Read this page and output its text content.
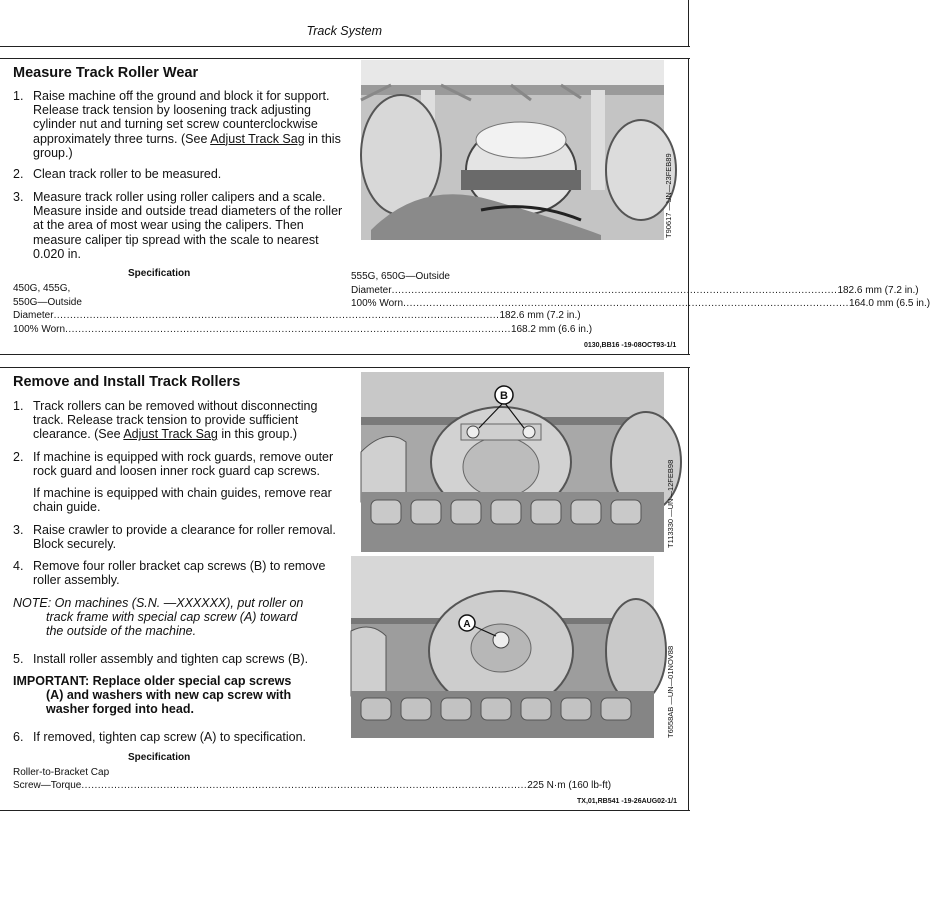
Track System
Measure Track Roller Wear
1. Raise machine off the ground and block it for support. Release track tension by loosening track adjusting cylinder nut and turning set screw counterclockwise approximately three turns. (See Adjust Track Sag in this group.)
2. Clean track roller to be measured.
3. Measure track roller using roller calipers and a scale. Measure inside and outside tread diameters of the roller at the area of most wear using the calipers. Then measure caliper tip spread with the scale to nearest 0.020 in.
Specification
450G, 455G,
550G—Outside
Diameter ........................................................................................................................................ 182.6 mm (7.2 in.)
100% Worn ........................................................................................................................................ 168.2 mm (6.6 in.)
555G, 650G—Outside
Diameter ........................................................................................................................................ 182.6 mm (7.2 in.)
100% Worn ........................................................................................................................................ 164.0 mm (6.5 in.)
T90617 —UN—23FEB89
0130,BB16 -19-08OCT93-1/1
Remove and Install Track Rollers
1. Track rollers can be removed without disconnecting track. Release track tension to provide sufficient clearance. (See Adjust Track Sag in this group.)
2. If machine is equipped with rock guards, remove outer rock guard and loosen inner rock guard cap screws.
If machine is equipped with chain guides, remove rear chain guide.
3. Raise crawler to provide a clearance for roller removal. Block securely.
4. Remove four roller bracket cap screws (B) to remove roller assembly.
NOTE: On machines (S.N. —XXXXXX), put roller on
track frame with special cap screw (A) toward the outside of the machine.
5. Install roller assembly and tighten cap screws (B).
IMPORTANT: Replace older special cap screws
(A) and washers with new cap screw with washer forged into head.
6. If removed, tighten cap screw (A) to specification.
Specification
Roller-to-Bracket Cap
Screw—Torque ........................................................................................................................................ 225 N·m (160 lb-ft)
B
T113330 —UN—12FEB98
A
T6558AB —UN—01NOV88
TX,01,RB541 -19-26AUG02-1/1
